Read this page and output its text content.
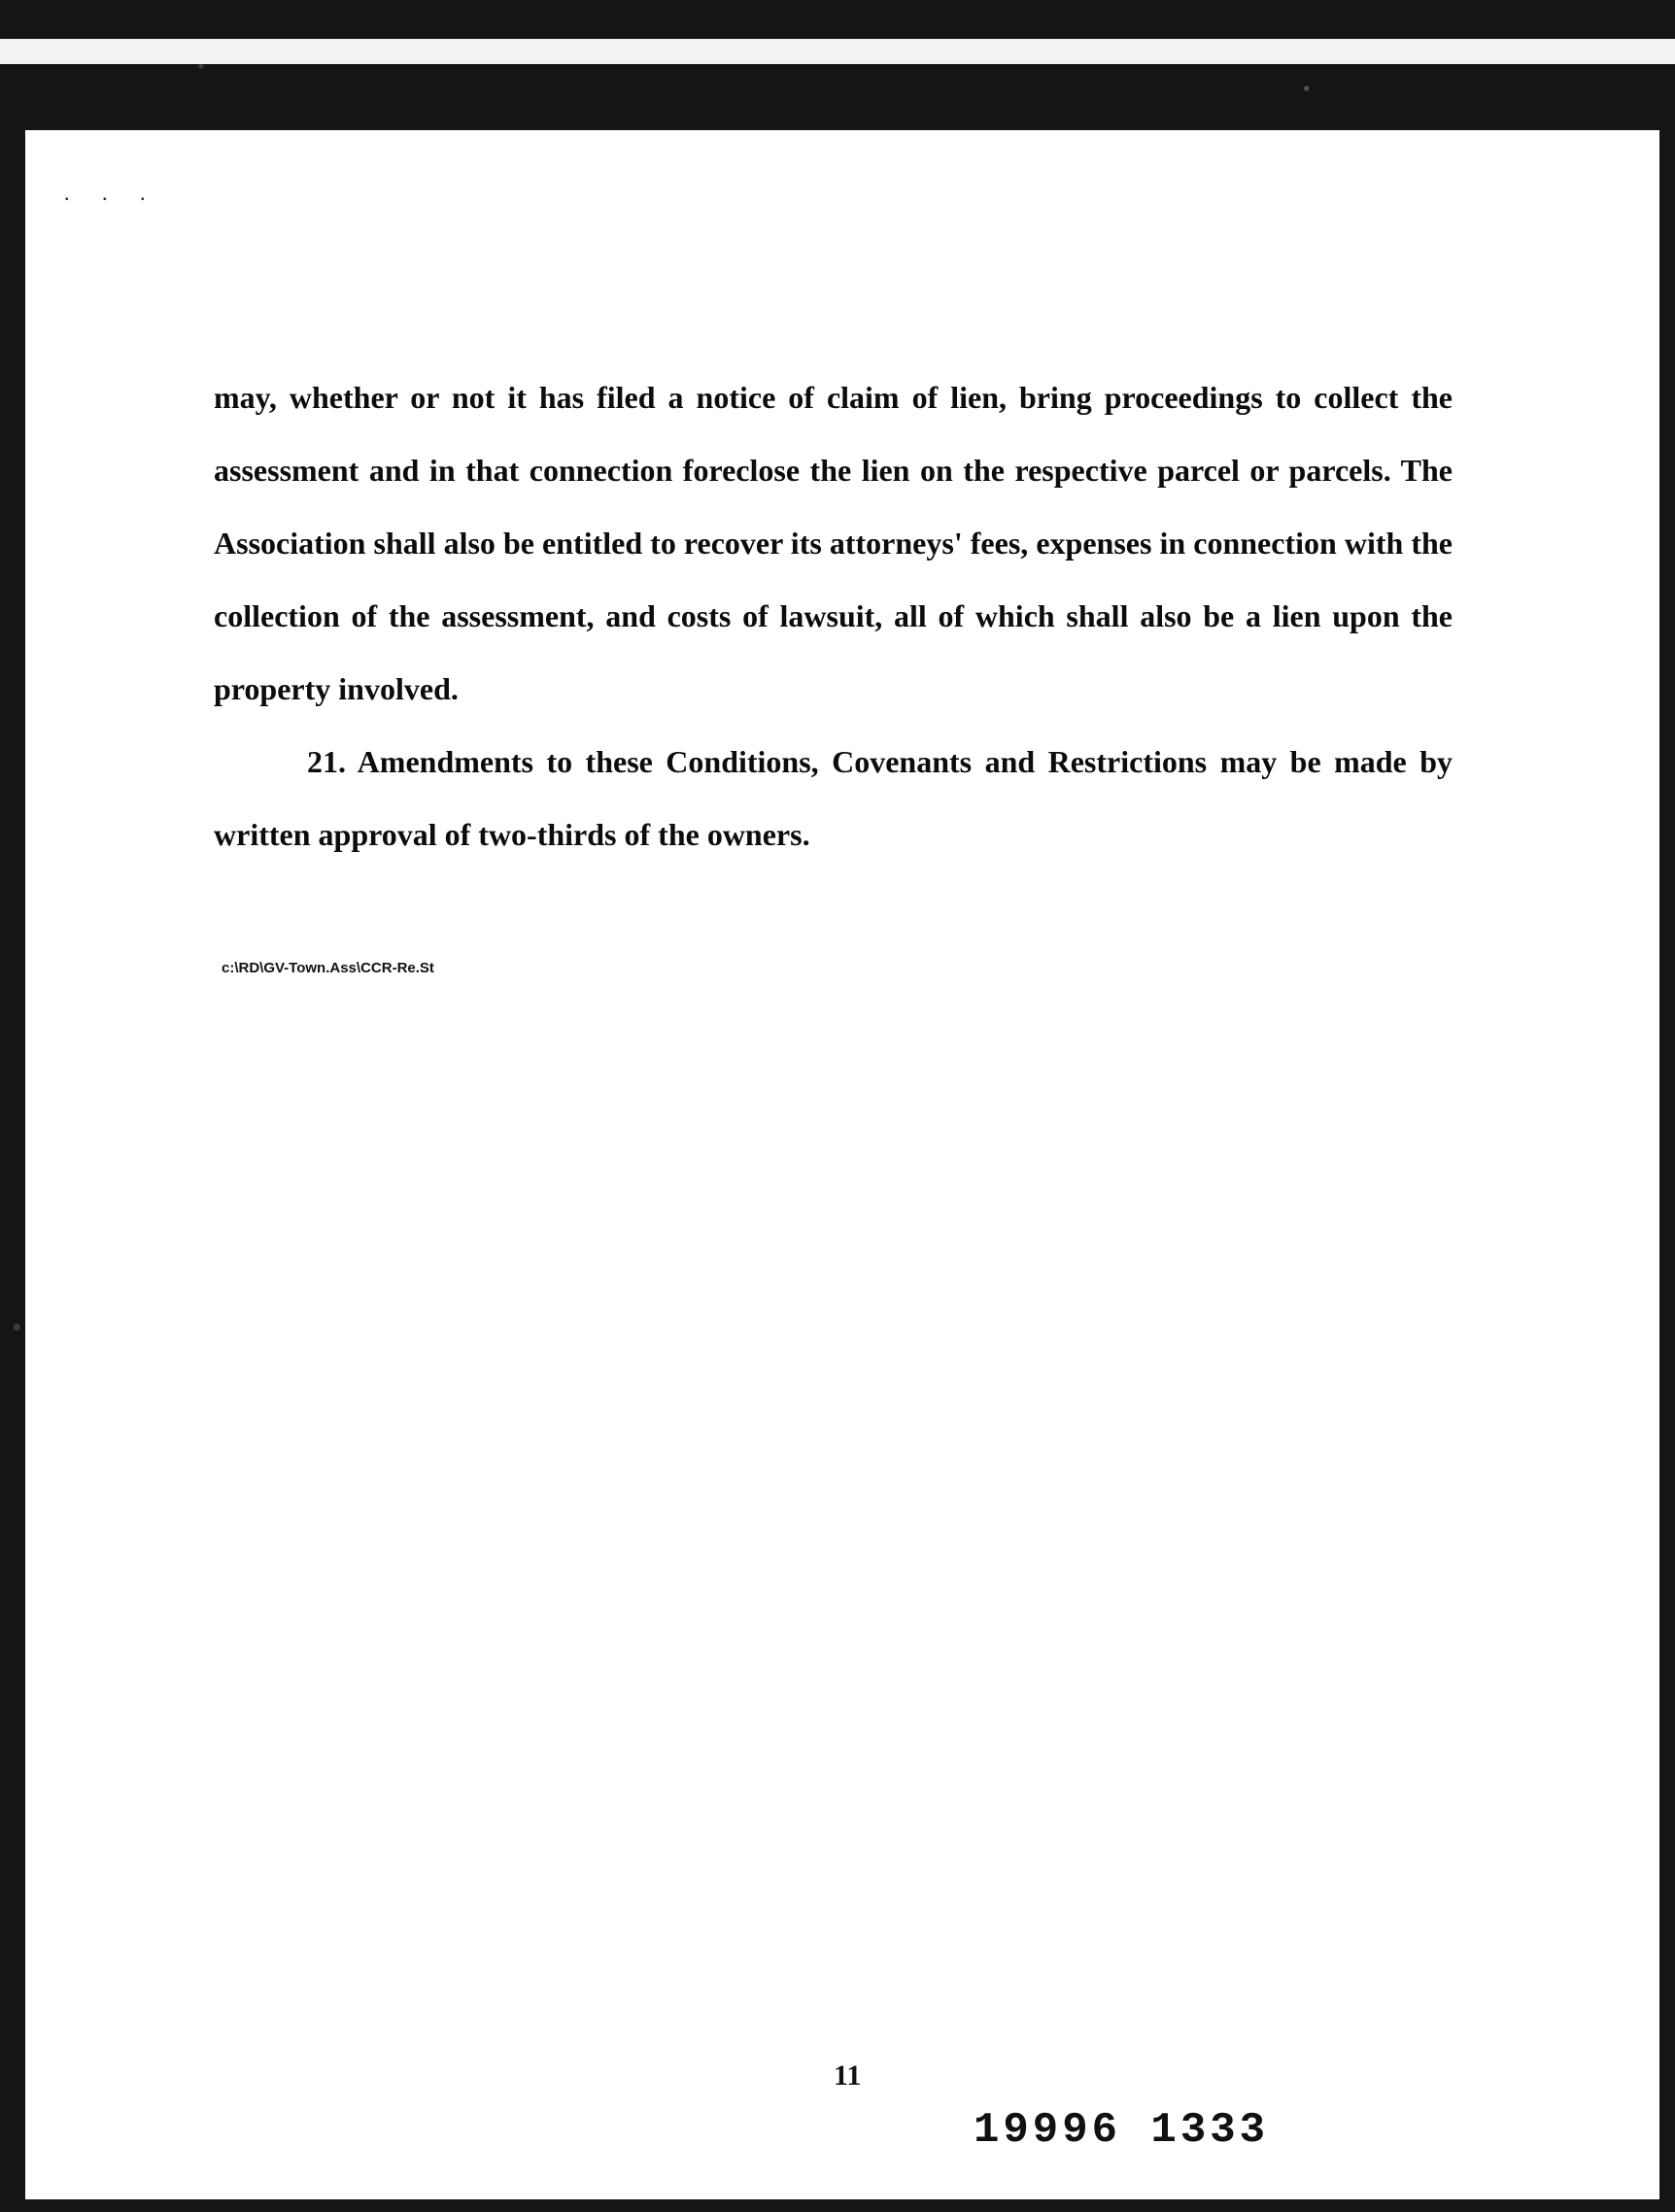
. . .

may, whether or not it has filed a notice of claim of lien, bring proceedings to collect the assessment and in that connection foreclose the lien on the respective parcel or parcels. The Association shall also be entitled to recover its attorneys' fees, expenses in connection with the collection of the assessment, and costs of lawsuit, all of which shall also be a lien upon the property involved.

21. Amendments to these Conditions, Covenants and Restrictions may be made by written approval of two-thirds of the owners.

c:\RD\GV-Town.Ass\CCR-Re.St
11
19996 1333
